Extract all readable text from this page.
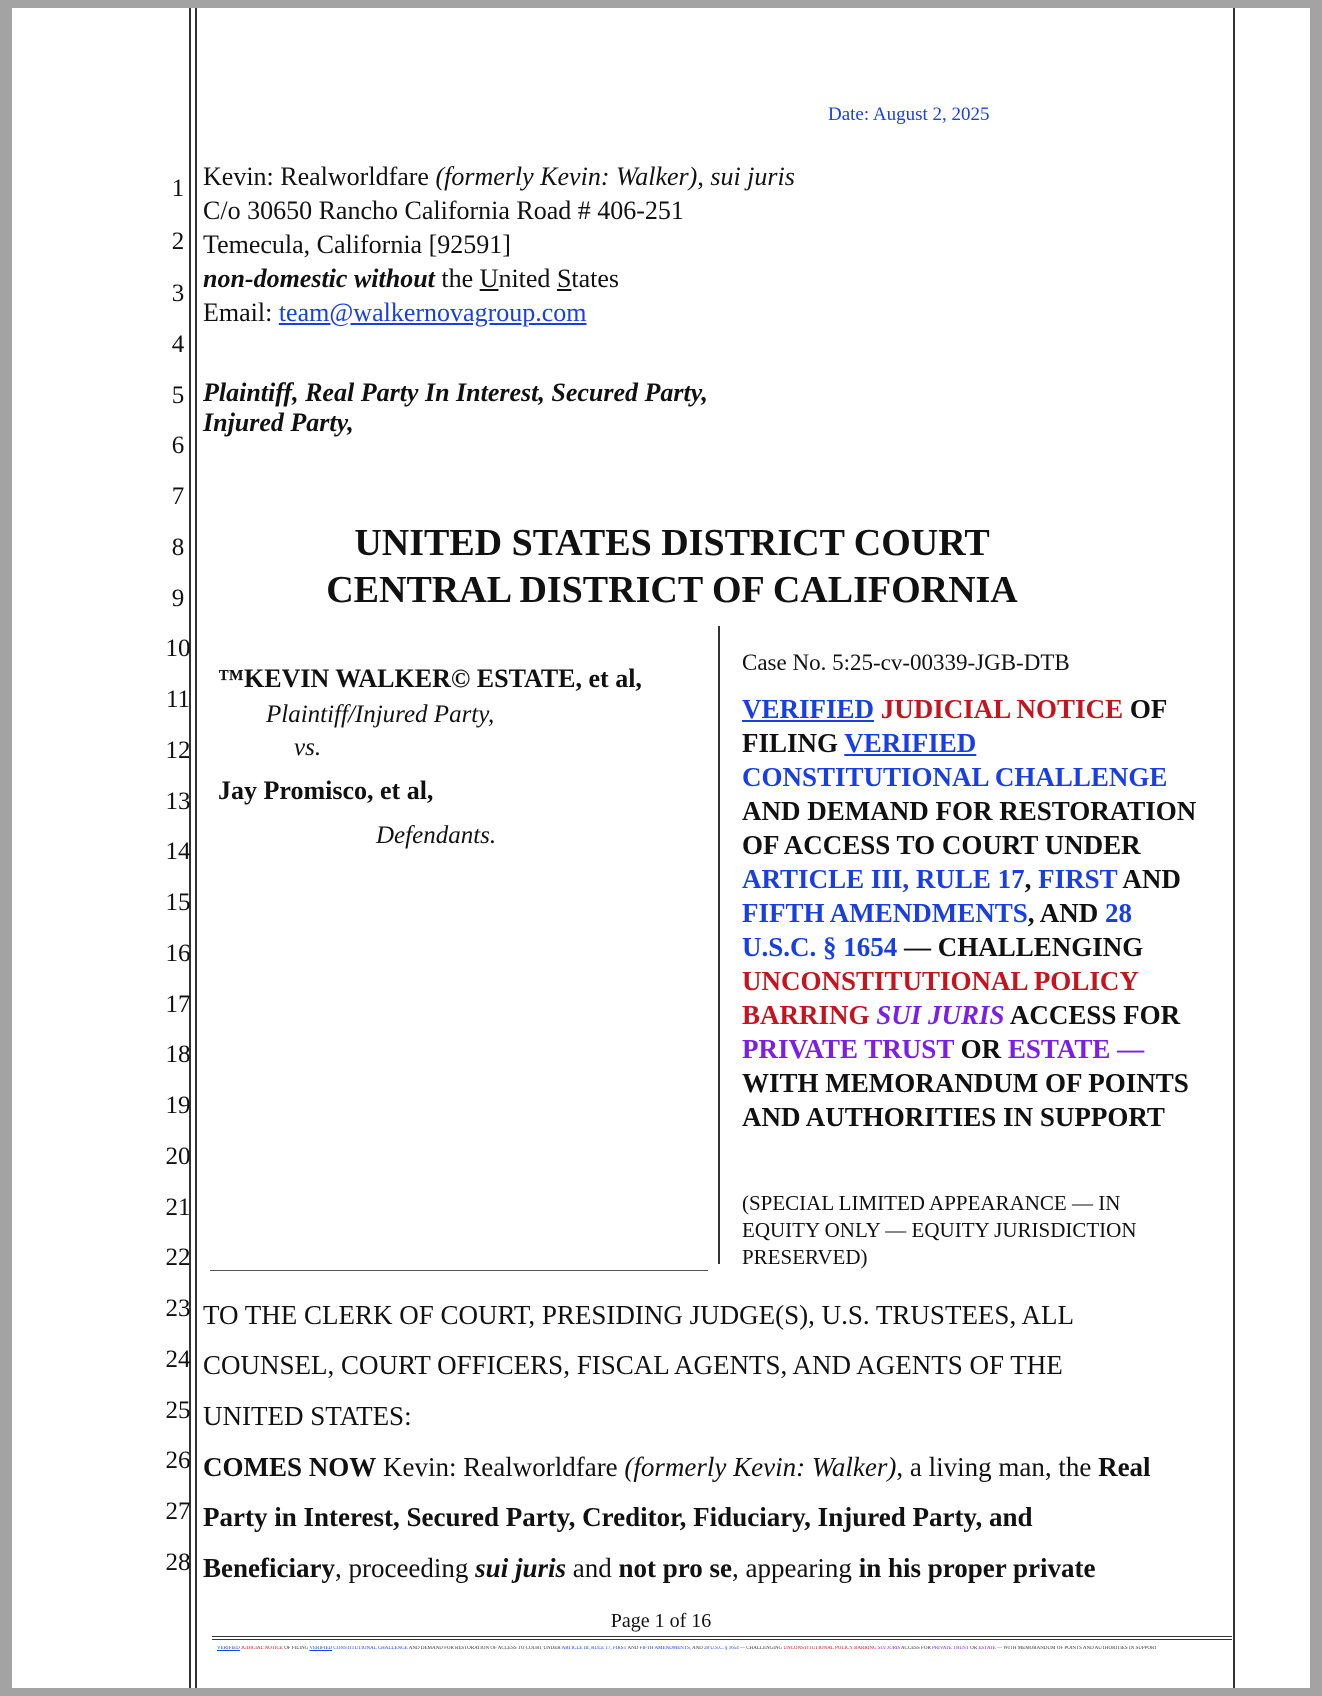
1
2
3
4
5
6
7
8
9
10
11
12
13
14
15
16
17
18
19
20
21
22
23
24
25
26
27
28
Date: August 2, 2025
Kevin: Realworldfare (formerly Kevin: Walker), sui juris
C/o 30650 Rancho California Road # 406-251
Temecula, California [92591]
non-domestic without the United States
Email: team@walkernovagroup.com
Plaintiff, Real Party In Interest, Secured Party,
Injured Party,
UNITED STATES DISTRICT COURT
CENTRAL DISTRICT OF CALIFORNIA
™KEVIN WALKER© ESTATE, et al,
Plaintiff/Injured Party,
vs.
Jay Promisco, et al,
Defendants.
Case No. 5:25-cv-00339-JGB-DTB
VERIFIED JUDICIAL NOTICE OF
FILING VERIFIED
CONSTITUTIONAL CHALLENGE
AND DEMAND FOR RESTORATION
OF ACCESS TO COURT UNDER
ARTICLE III, RULE 17, FIRST AND
FIFTH AMENDMENTS, AND 28
U.S.C. § 1654 — CHALLENGING
UNCONSTITUTIONAL POLICY
BARRING SUI JURIS ACCESS FOR
PRIVATE TRUST OR ESTATE —
WITH MEMORANDUM OF POINTS
AND AUTHORITIES IN SUPPORT
(SPECIAL LIMITED APPEARANCE — IN
EQUITY ONLY — EQUITY JURISDICTION
PRESERVED)
TO THE CLERK OF COURT, PRESIDING JUDGE(S), U.S. TRUSTEES, ALL
COUNSEL, COURT OFFICERS, FISCAL AGENTS, AND AGENTS OF THE
UNITED STATES:
COMES NOW Kevin: Realworldfare (formerly Kevin: Walker), a living man, the Real
Party in Interest, Secured Party, Creditor, Fiduciary, Injured Party, and
Beneficiary, proceeding sui juris and not pro se, appearing in his proper private
Page 1 of 16
VERIFIED JUDICIAL NOTICE OF FILING VERIFIED CONSTITUTIONAL CHALLENGE AND DEMAND FOR RESTORATION OF ACCESS TO COURT UNDER ARTICLE III, RULE 17, FIRST AND FIFTH AMENDMENTS, AND 28 U.S.C. § 1654 — CHALLENGING UNCONSTITUTIONAL POLICY BARRING SUI JURIS ACCESS FOR PRIVATE TRUST OR ESTATE — WITH MEMORANDUM OF POINTS AND AUTHORITIES IN SUPPORT
